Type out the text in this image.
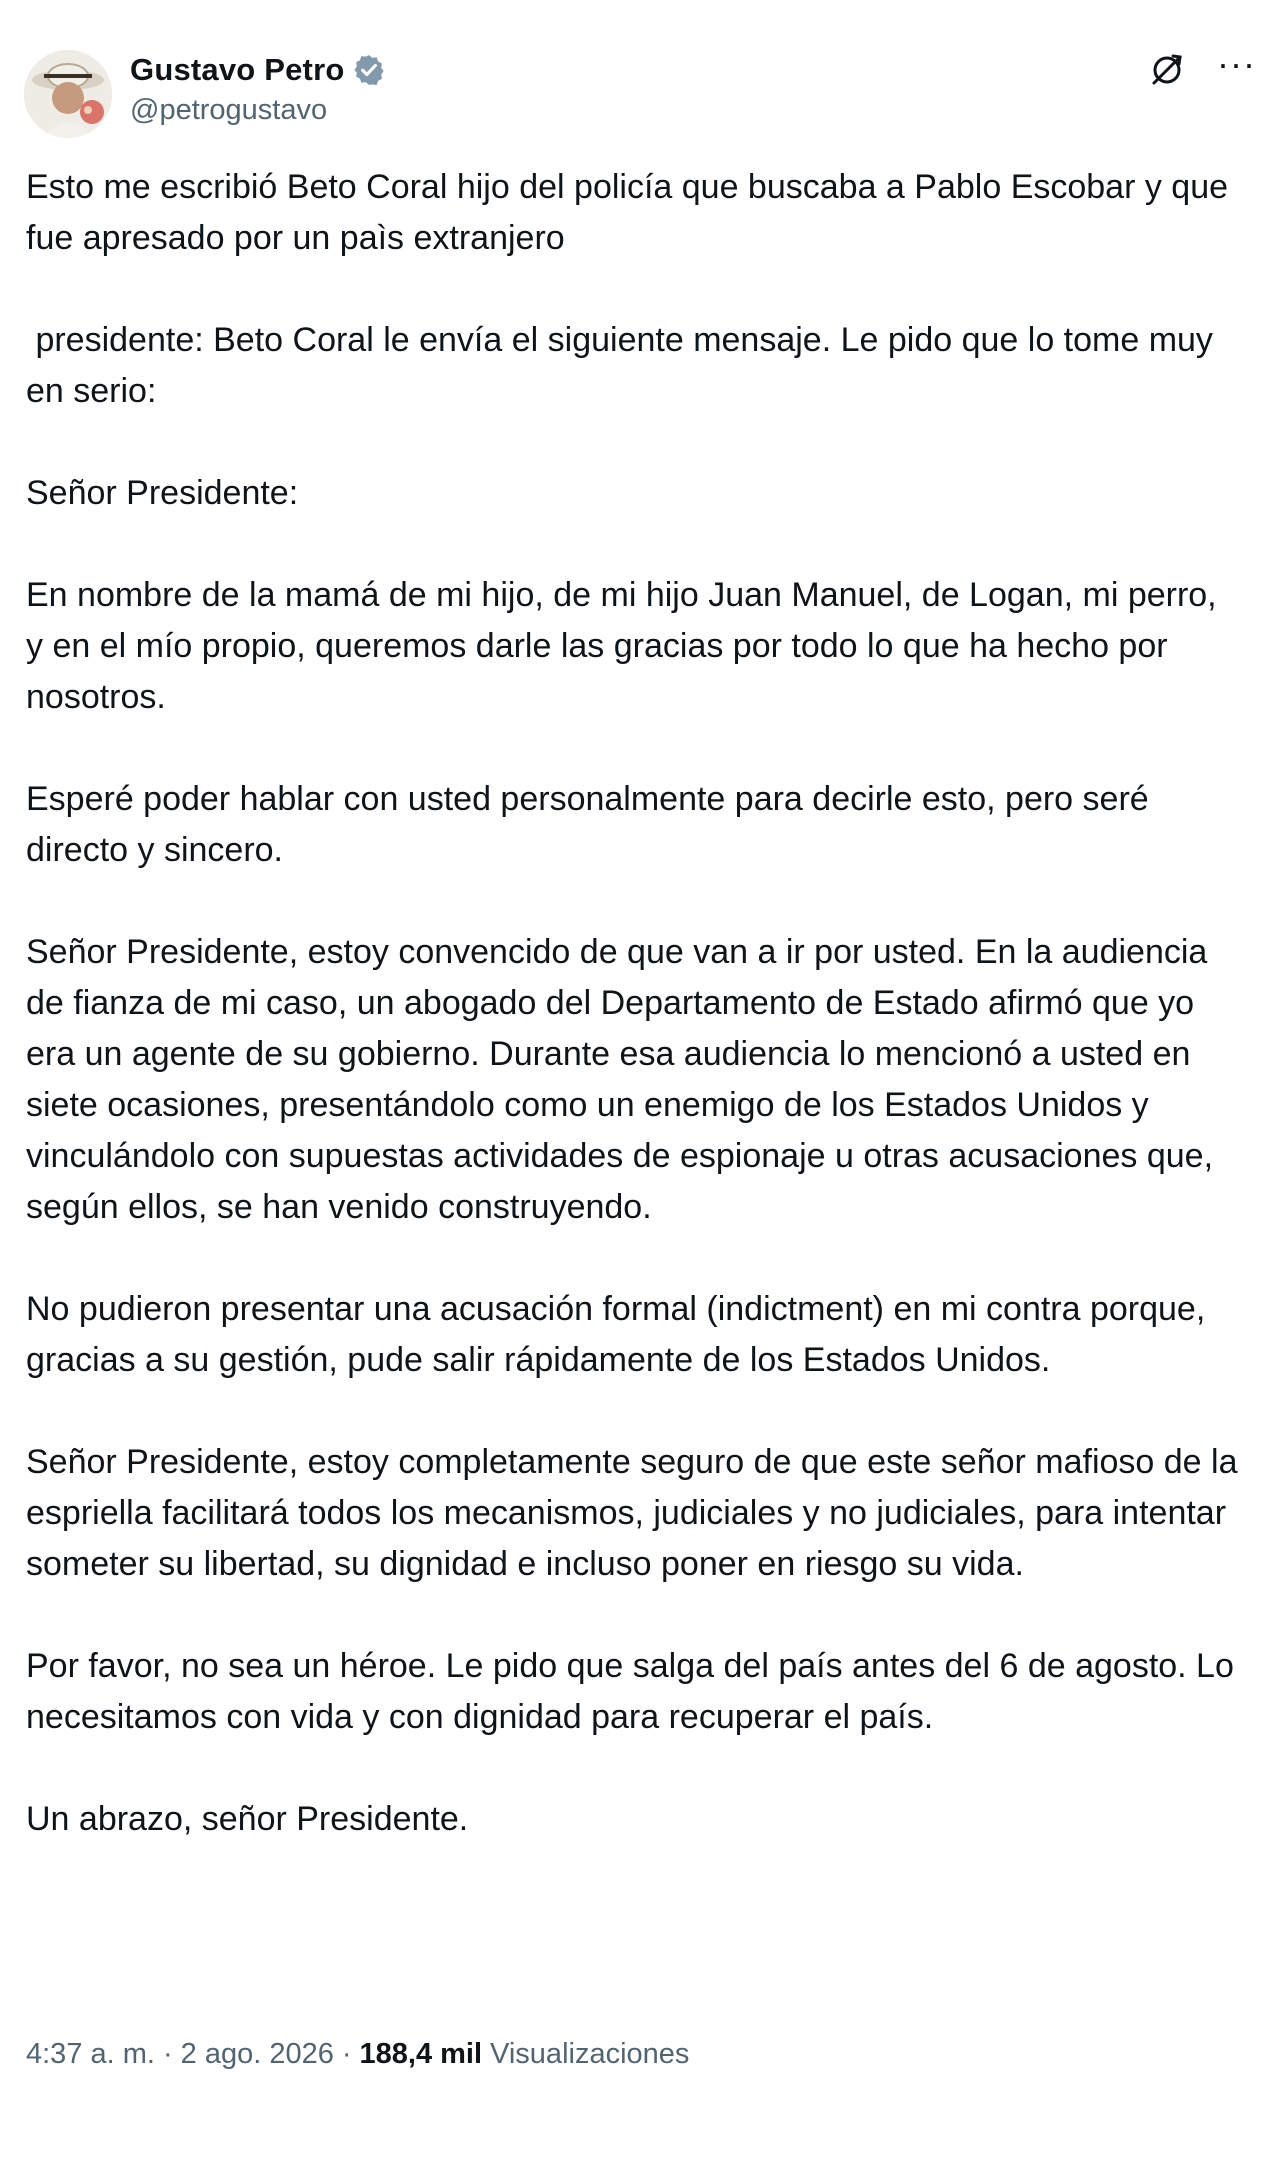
Gustavo Petro
@petrogustavo
···

Esto me escribió Beto Coral hijo del policía que buscaba a Pablo Escobar y que fue apresado por un paìs extranjero

presidente: Beto Coral le envía el siguiente mensaje. Le pido que lo tome muy en serio:

Señor Presidente:

En nombre de la mamá de mi hijo, de mi hijo Juan Manuel, de Logan, mi perro, y en el mío propio, queremos darle las gracias por todo lo que ha hecho por nosotros.

Esperé poder hablar con usted personalmente para decirle esto, pero seré directo y sincero.

Señor Presidente, estoy convencido de que van a ir por usted. En la audiencia de fianza de mi caso, un abogado del Departamento de Estado afirmó que yo era un agente de su gobierno. Durante esa audiencia lo mencionó a usted en siete ocasiones, presentándolo como un enemigo de los Estados Unidos y vinculándolo con supuestas actividades de espionaje u otras acusaciones que, según ellos, se han venido construyendo.

No pudieron presentar una acusación formal (indictment) en mi contra porque, gracias a su gestión, pude salir rápidamente de los Estados Unidos.

Señor Presidente, estoy completamente seguro de que este señor mafioso de la espriella facilitará todos los mecanismos, judiciales y no judiciales, para intentar someter su libertad, su dignidad e incluso poner en riesgo su vida.

Por favor, no sea un héroe. Le pido que salga del país antes del 6 de agosto. Lo necesitamos con vida y con dignidad para recuperar el país.

Un abrazo, señor Presidente.

4:37 a. m. · 2 ago. 2026 · 188,4 mil Visualizaciones
